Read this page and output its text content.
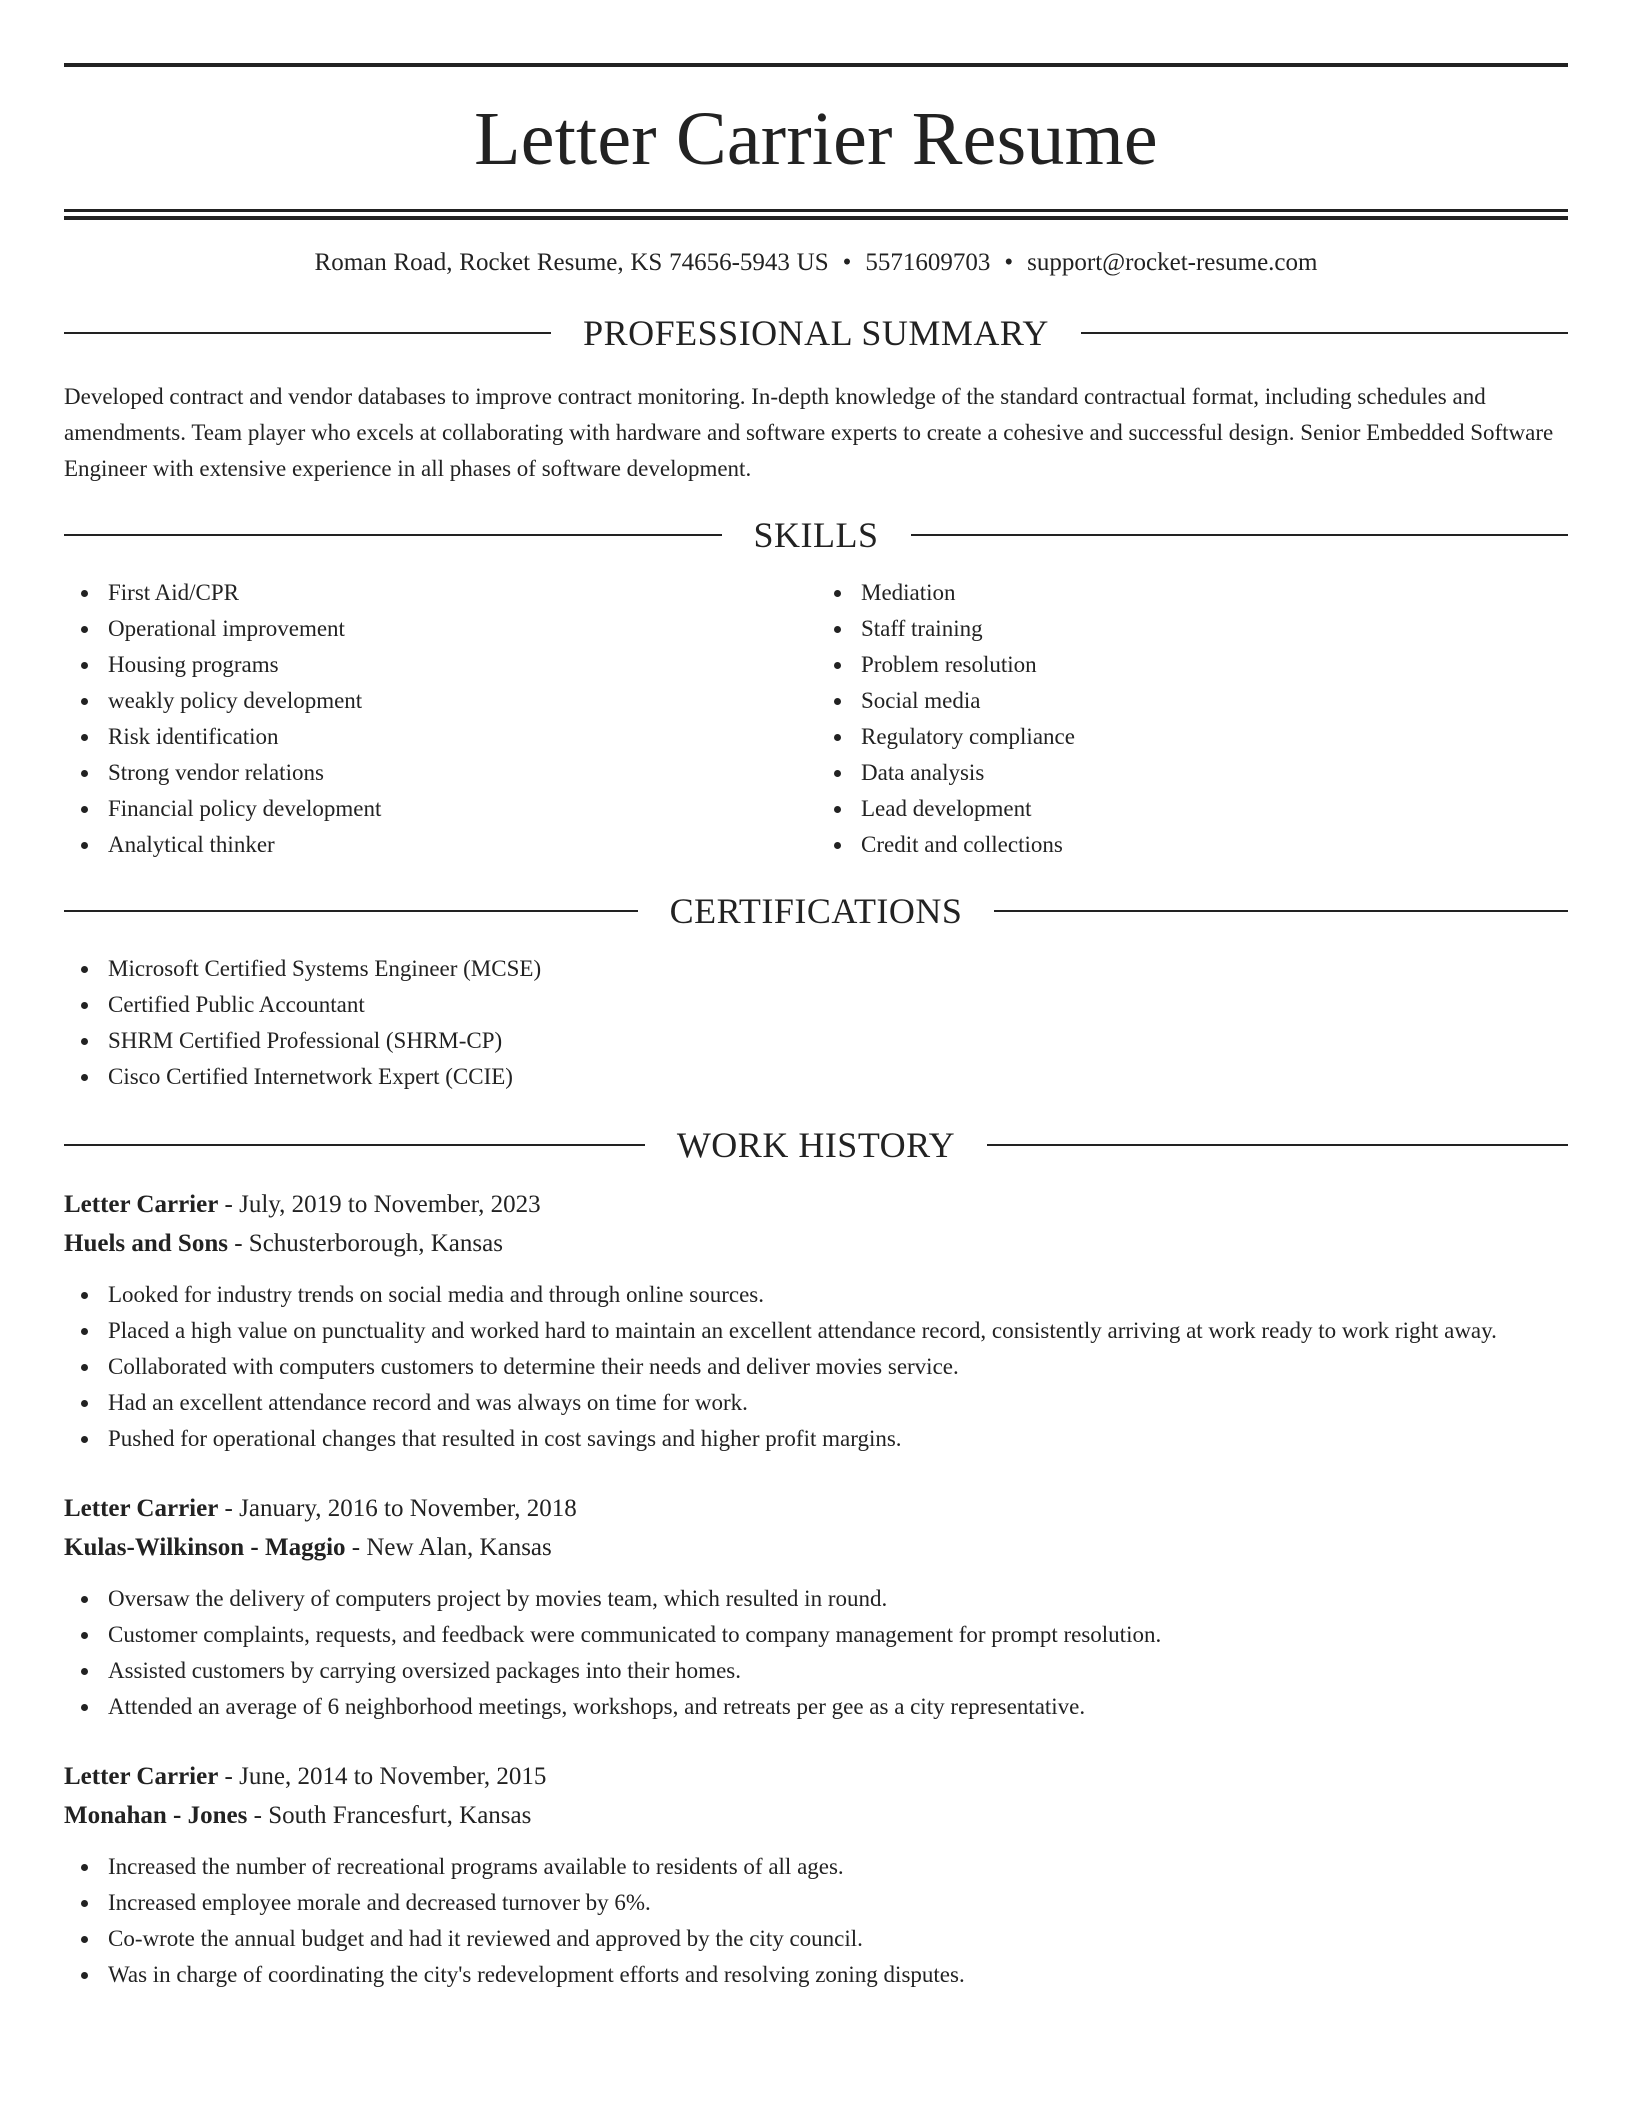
Letter Carrier Resume
Roman Road, Rocket Resume, KS 74656-5943 US • 5571609703 • support@rocket-resume.com
PROFESSIONAL SUMMARY
Developed contract and vendor databases to improve contract monitoring. In-depth knowledge of the standard contractual format, including schedules and amendments. Team player who excels at collaborating with hardware and software experts to create a cohesive and successful design. Senior Embedded Software Engineer with extensive experience in all phases of software development.
SKILLS
First Aid/CPR
Operational improvement
Housing programs
weakly policy development
Risk identification
Strong vendor relations
Financial policy development
Analytical thinker
Mediation
Staff training
Problem resolution
Social media
Regulatory compliance
Data analysis
Lead development
Credit and collections
CERTIFICATIONS
Microsoft Certified Systems Engineer (MCSE)
Certified Public Accountant
SHRM Certified Professional (SHRM-CP)
Cisco Certified Internetwork Expert (CCIE)
WORK HISTORY
Letter Carrier - July, 2019 to November, 2023
Huels and Sons - Schusterborough, Kansas
Looked for industry trends on social media and through online sources.
Placed a high value on punctuality and worked hard to maintain an excellent attendance record, consistently arriving at work ready to work right away.
Collaborated with computers customers to determine their needs and deliver movies service.
Had an excellent attendance record and was always on time for work.
Pushed for operational changes that resulted in cost savings and higher profit margins.
Letter Carrier - January, 2016 to November, 2018
Kulas-Wilkinson - Maggio - New Alan, Kansas
Oversaw the delivery of computers project by movies team, which resulted in round.
Customer complaints, requests, and feedback were communicated to company management for prompt resolution.
Assisted customers by carrying oversized packages into their homes.
Attended an average of 6 neighborhood meetings, workshops, and retreats per gee as a city representative.
Letter Carrier - June, 2014 to November, 2015
Monahan - Jones - South Francesfurt, Kansas
Increased the number of recreational programs available to residents of all ages.
Increased employee morale and decreased turnover by 6%.
Co-wrote the annual budget and had it reviewed and approved by the city council.
Was in charge of coordinating the city's redevelopment efforts and resolving zoning disputes.
